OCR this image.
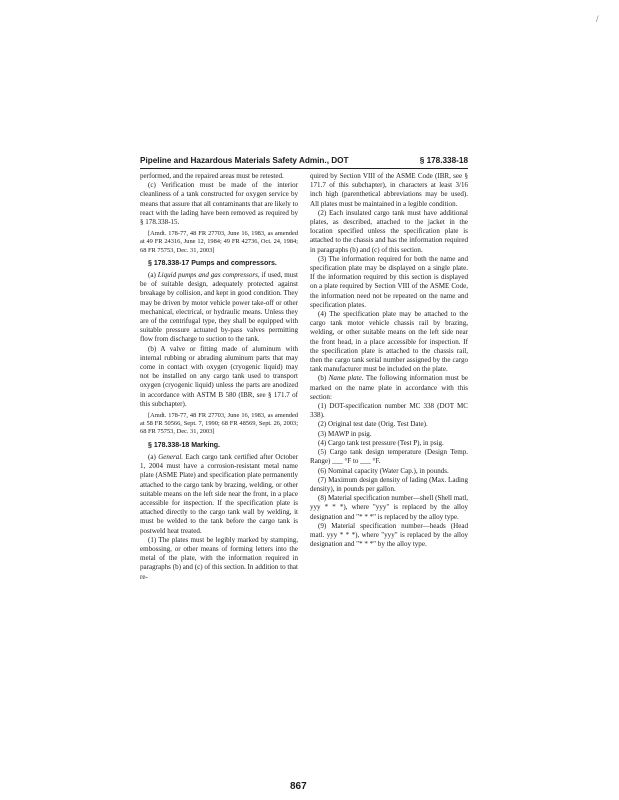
/
Pipeline and Hazardous Materials Safety Admin., DOT	§ 178.338-18

performed, and the repaired areas must be retested.

(c) Verification must be made of the interior cleanliness of a tank constructed for oxygen service by means that assure that all contaminants that are likely to react with the lading have been removed as required by § 178.338-15.

[Amdt. 178-77, 48 FR 27703, June 16, 1983, as amended at 49 FR 24316, June 12, 1984; 49 FR 42736, Oct. 24, 1984; 68 FR 75753, Dec. 31, 2003]

§ 178.338-17 Pumps and compressors.

(a) Liquid pumps and gas compressors, if used, must be of suitable design, adequately protected against breakage by collision, and kept in good condition. They may be driven by motor vehicle power take-off or other mechanical, electrical, or hydraulic means. Unless they are of the centrifugal type, they shall be equipped with suitable pressure actuated by-pass valves permitting flow from discharge to suction to the tank.

(b) A valve or fitting made of aluminum with internal rubbing or abrading aluminum parts that may come in contact with oxygen (cryogenic liquid) may not be installed on any cargo tank used to transport oxygen (cryogenic liquid) unless the parts are anodized in accordance with ASTM B 580 (IBR, see § 171.7 of this subchapter).

[Amdt. 178-77, 48 FR 27703, June 16, 1983, as amended at 58 FR 50566, Sept. 7, 1990; 68 FR 48569, Sept. 26, 2003; 68 FR 75753, Dec. 31, 2003]

§ 178.338-18 Marking.

(a) General. Each cargo tank certified after October 1, 2004 must have a corrosion-resistant metal name plate (ASME Plate) and specification plate permanently attached to the cargo tank by brazing, welding, or other suitable means on the left side near the front, in a place accessible for inspection. If the specification plate is attached directly to the cargo tank wall by welding, it must be welded to the tank before the cargo tank is postweld heat treated.

(1) The plates must be legibly marked by stamping, embossing, or other means of forming letters into the metal of the plate, with the information required in paragraphs (b) and (c) of this section. In addition to that re-

quired by Section VIII of the ASME Code (IBR, see § 171.7 of this subchapter), in characters at least 3/16 inch high (parenthetical abbreviations may be used). All plates must be maintained in a legible condition.

(2) Each insulated cargo tank must have additional plates, as described, attached to the jacket in the location specified unless the specification plate is attached to the chassis and has the information required in paragraphs (b) and (c) of this section.

(3) The information required for both the name and specification plate may be displayed on a single plate. If the information required by this section is displayed on a plate required by Section VIII of the ASME Code, the information need not be repeated on the name and specification plates.

(4) The specification plate may be attached to the cargo tank motor vehicle chassis rail by brazing, welding, or other suitable means on the left side near the front head, in a place accessible for inspection. If the specification plate is attached to the chassis rail, then the cargo tank serial number assigned by the cargo tank manufacturer must be included on the plate.

(b) Name plate. The following information must be marked on the name plate in accordance with this section:

(1) DOT-specification number MC 338 (DOT MC 338).

(2) Original test date (Orig. Test Date).

(3) MAWP in psig.

(4) Cargo tank test pressure (Test P), in psig.

(5) Cargo tank design temperature (Design Temp. Range) ___ °F to ___ °F.

(6) Nominal capacity (Water Cap.), in pounds.

(7) Maximum design density of lading (Max. Lading density), in pounds per gallon.

(8) Material specification number—shell (Shell matl, yyy * * *), where "yyy" is replaced by the alloy designation and "* * *" is replaced by the alloy type.

(9) Material specification number—heads (Head matl. yyy * * *), where "yyy" is replaced by the alloy designation and "* * *" by the alloy type.

867
